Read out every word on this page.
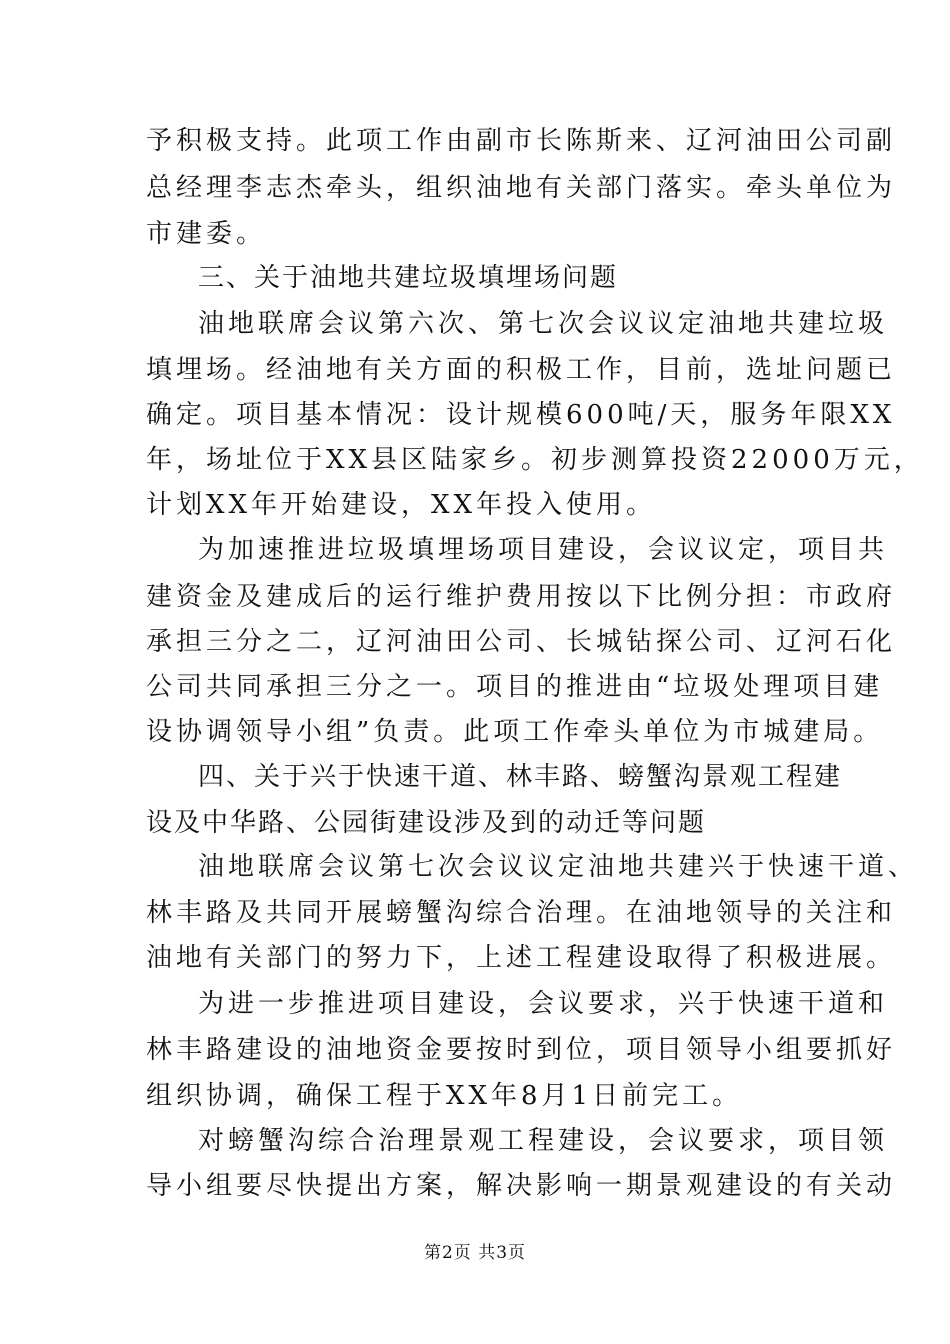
予积极支持。此项工作由副市长陈斯来、辽河油田公司副
总经理李志杰牵头，组织油地有关部门落实。牵头单位为
市建委。
三、关于油地共建垃圾填埋场问题
油地联席会议第六次、第七次会议议定油地共建垃圾
填埋场。经油地有关方面的积极工作，目前，选址问题已
确定。项目基本情况：设计规模600吨/天，服务年限XX
年，场址位于XX县区陆家乡。初步测算投资22000万元，
计划XX年开始建设，XX年投入使用。
为加速推进垃圾填埋场项目建设，会议议定，项目共
建资金及建成后的运行维护费用按以下比例分担：市政府
承担三分之二，辽河油田公司、长城钻探公司、辽河石化
公司共同承担三分之一。项目的推进由“垃圾处理项目建
设协调领导小组”负责。此项工作牵头单位为市城建局。
四、关于兴于快速干道、林丰路、螃蟹沟景观工程建
设及中华路、公园街建设涉及到的动迁等问题
油地联席会议第七次会议议定油地共建兴于快速干道、
林丰路及共同开展螃蟹沟综合治理。在油地领导的关注和
油地有关部门的努力下，上述工程建设取得了积极进展。
为进一步推进项目建设，会议要求，兴于快速干道和
林丰路建设的油地资金要按时到位，项目领导小组要抓好
组织协调，确保工程于XX年8月1日前完工。
对螃蟹沟综合治理景观工程建设，会议要求，项目领
导小组要尽快提出方案，解决影响一期景观建设的有关动
第2页 共3页
